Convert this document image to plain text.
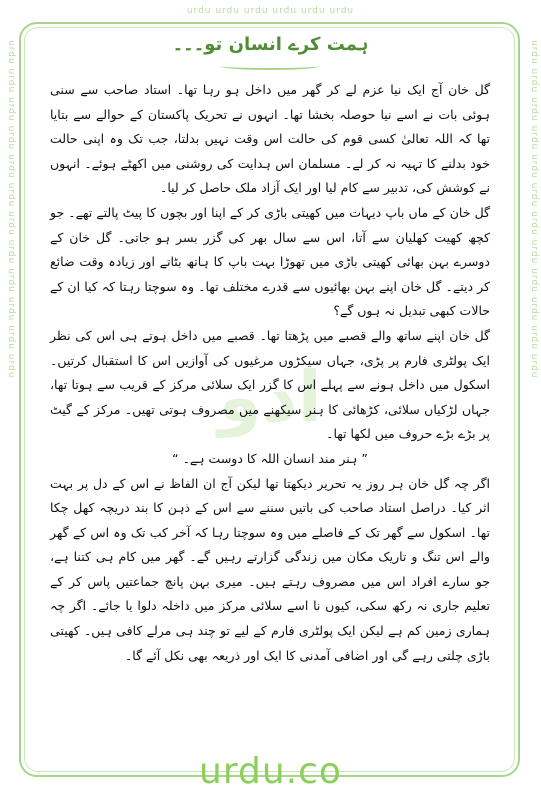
urdu urdu urdu urdu urdu urdu
urdu urdu urdu urdu urdu urdu urdu urdu urdu urdu urdu urdu	urdu urdu urdu urdu urdu urdu urdu urdu urdu urdu urdu urdu
ادو
ہمت کرے انسان تو۔۔۔

گل خان آج ایک نیا عزم لے کر گھر میں داخل ہو رہا تھا۔ استاد صاحب سے سنی ہوئی بات نے اسے نیا حوصلہ بخشا تھا۔ انہوں نے تحریک پاکستان کے حوالے سے بتایا تھا کہ اللہ تعالیٰ کسی قوم کی حالت اس وقت نہیں بدلتا، جب تک وہ اپنی حالت خود بدلنے کا تہیہ نہ کر لے۔ مسلمان اس ہدایت کی روشنی میں اکھٹے ہوئے۔ انہوں نے کوشش کی، تدبیر سے کام لیا اور ایک آزاد ملک حاصل کر لیا۔

گل خان کے ماں باپ دیہات میں کھیتی باڑی کر کے اپنا اور بچوں کا پیٹ پالتے تھے۔ جو کچھ کھیت کھلیان سے آتا، اس سے سال بھر کی گزر بسر ہو جاتی۔ گل خان کے دوسرے بہن بھائی کھیتی باڑی میں تھوڑا بہت باپ کا ہاتھ بٹاتے اور زیادہ وقت ضائع کر دیتے۔ گل خان اپنے بہن بھائیوں سے قدرے مختلف تھا۔ وہ سوچتا رہتا کہ کیا ان کے حالات کبھی تبدیل نہ ہوں گے؟

گل خان اپنے ساتھ والے قصبے میں پڑھتا تھا۔ قصبے میں داخل ہوتے ہی اس کی نظر ایک پولٹری فارم پر پڑی، جہاں سیکڑوں مرغیوں کی آوازیں اس کا استقبال کرتیں۔ اسکول میں داخل ہونے سے پہلے اس کا گزر ایک سلائی مرکز کے قریب سے ہوتا تھا، جہاں لڑکیاں سلائی، کڑھائی کا ہنر سیکھنے میں مصروف ہوتی تھیں۔ مرکز کے گیٹ پر بڑے بڑے حروف میں لکھا تھا۔

” ہنر مند انسان اللہ کا دوست ہے۔ “

اگر چہ گل خان ہر روز یہ تحریر دیکھتا تھا لیکن آج ان الفاظ نے اس کے دل پر بہت اثر کیا۔ دراصل استاد صاحب کی باتیں سننے سے اس کے ذہن کا بند دریچہ کھل چکا تھا۔ اسکول سے گھر تک کے فاصلے میں وہ سوچتا رہا کہ آخر کب تک وہ اس کے گھر والے اس تنگ و تاریک مکان میں زندگی گزارتے رہیں گے۔ گھر میں کام ہی کتنا ہے، جو سارے افراد اس میں مصروف رہتے ہیں۔ میری بہن پانچ جماعتیں پاس کر کے تعلیم جاری نہ رکھ سکی، کیوں نا اسے سلائی مرکز میں داخلہ دلوا یا جائے۔ اگر چہ ہماری زمین کم ہے لیکن ایک پولٹری فارم کے لیے تو چند ہی مرلے کافی ہیں۔ کھیتی باڑی چلتی رہے گی اور اضافی آمدنی کا ایک اور ذریعہ بھی نکل آئے گا۔

urdu.co
